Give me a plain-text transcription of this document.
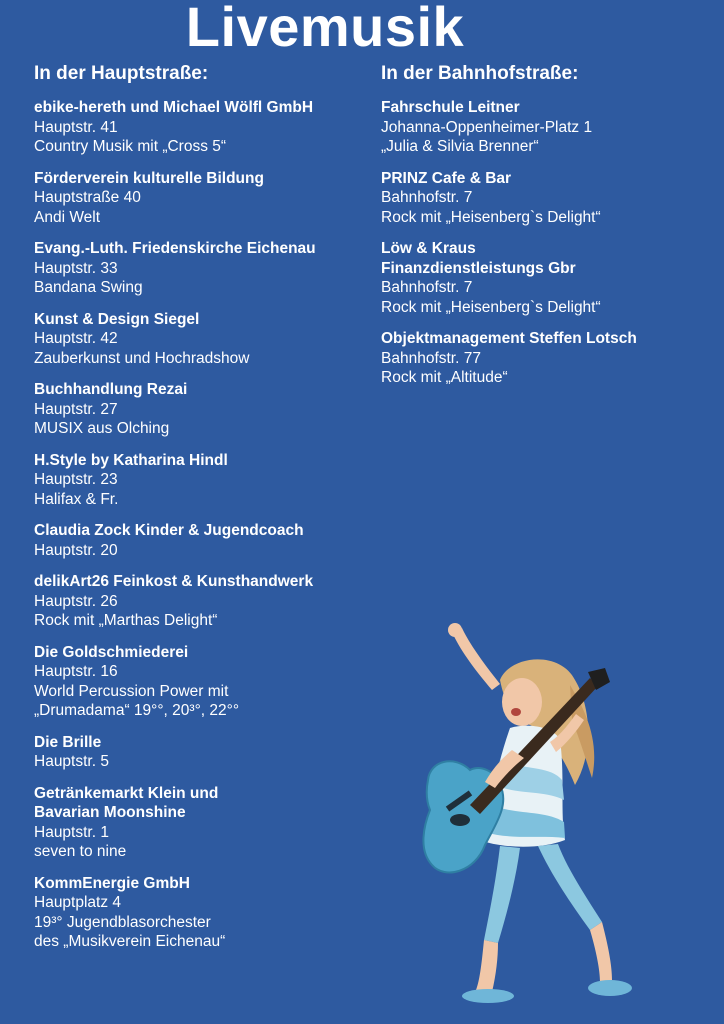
Livemusik
In der Hauptstraße:
ebike-hereth und Michael Wölfl GmbH
Hauptstr. 41
Country Musik mit „Cross 5“
Förderverein kulturelle Bildung
Hauptstraße 40
Andi Welt
Evang.-Luth. Friedenskirche Eichenau
Hauptstr. 33
Bandana Swing
Kunst & Design Siegel
Hauptstr. 42
Zauberkunst und Hochradshow
Buchhandlung Rezai
Hauptstr. 27
MUSIX aus Olching
H.Style by Katharina Hindl
Hauptstr. 23
Halifax & Fr.
Claudia Zock Kinder & Jugendcoach
Hauptstr. 20
delikArt26 Feinkost & Kunsthandwerk
Hauptstr. 26
Rock mit „Marthas Delight“
Die Goldschmiederei
Hauptstr. 16
World Percussion Power mit
„Drumadama“ 19°°, 20³°, 22°°
Die Brille
Hauptstr. 5
Getränkemarkt Klein und
Bavarian Moonshine
Hauptstr. 1
seven to nine
KommEnergie GmbH
Hauptplatz 4
19³° Jugendblasorchester
des „Musikverein Eichenau“
In der Bahnhofstraße:
Fahrschule Leitner
Johanna-Oppenheimer-Platz 1
„Julia & Silvia Brenner“
PRINZ Cafe & Bar
Bahnhofstr. 7
Rock mit „Heisenberg`s Delight“
Löw & Kraus
Finanzdienstleistungs Gbr
Bahnhofstr. 7
Rock mit „Heisenberg`s Delight“
Objektmanagement Steffen Lotsch
Bahnhofstr. 77
Rock mit „Altitude“
